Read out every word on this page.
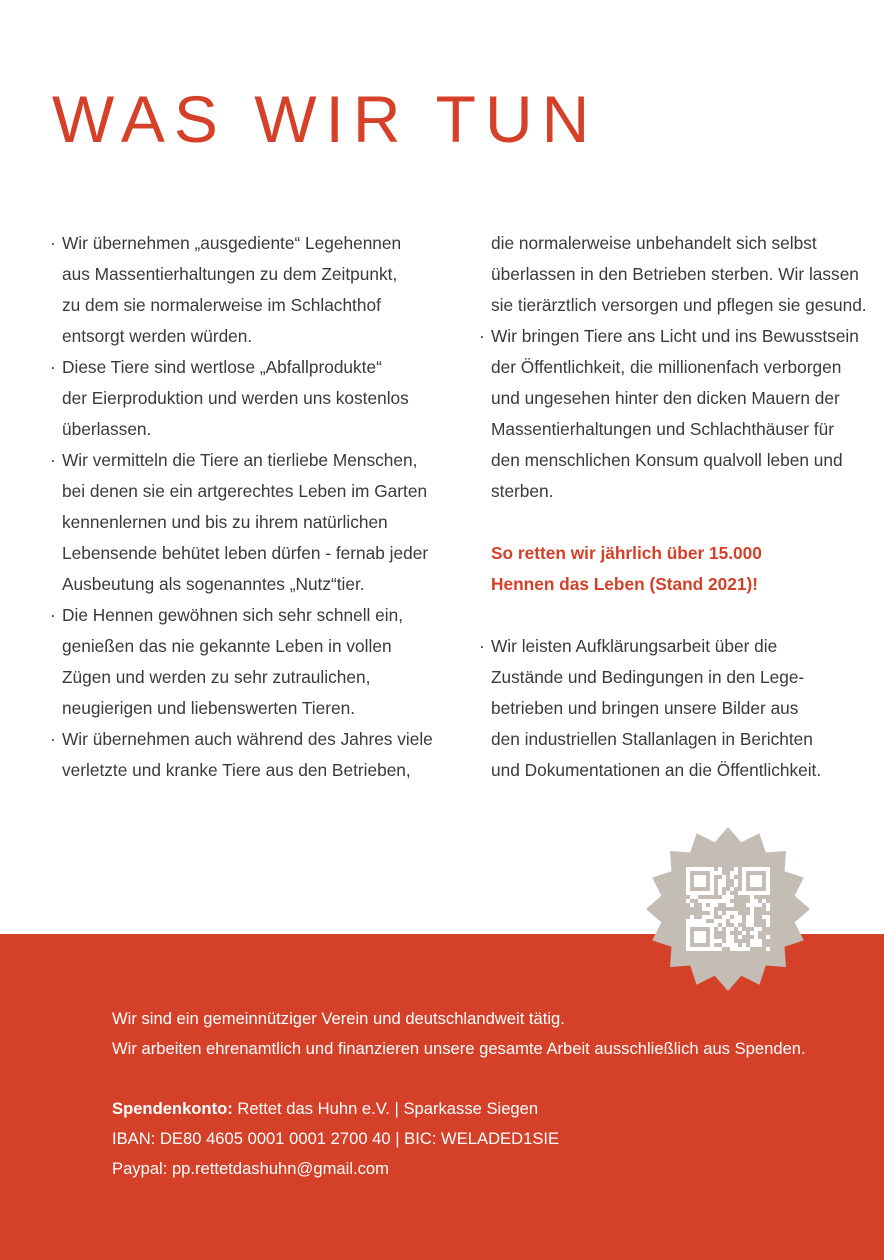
WAS WIR TUN
· Wir übernehmen „ausgediente“ Legehennen
aus Massentierhaltungen zu dem Zeitpunkt,
zu dem sie normalerweise im Schlachthof
entsorgt werden würden.
· Diese Tiere sind wertlose „Abfallprodukte“
der Eierproduktion und werden uns kostenlos
überlassen.
· Wir vermitteln die Tiere an tierliebe Menschen,
bei denen sie ein artgerechtes Leben im Garten
kennenlernen und bis zu ihrem natürlichen
Lebensende behütet leben dürfen - fernab jeder
Ausbeutung als sogenanntes „Nutz“tier.
· Die Hennen gewöhnen sich sehr schnell ein,
genießen das nie gekannte Leben in vollen
Zügen und werden zu sehr zutraulichen,
neugierigen und liebenswerten Tieren.
· Wir übernehmen auch während des Jahres viele
verletzte und kranke Tiere aus den Betrieben,
die normalerweise unbehandelt sich selbst
überlassen in den Betrieben sterben. Wir lassen
sie tierärztlich versorgen und pflegen sie gesund.
· Wir bringen Tiere ans Licht und ins Bewusstsein
der Öffentlichkeit, die millionenfach verborgen
und ungesehen hinter den dicken Mauern der
Massentierhaltungen und Schlachthäuser für
den menschlichen Konsum qualvoll leben und
sterben.
So retten wir jährlich über 15.000
Hennen das Leben (Stand 2021)!
· Wir leisten Aufklärungsarbeit über die
Zustände und Bedingungen in den Lege-
betrieben und bringen unsere Bilder aus
den industriellen Stallanlagen in Berichten
und Dokumentationen an die Öffentlichkeit.
Wir sind ein gemeinnütziger Verein und deutschlandweit tätig.
Wir arbeiten ehrenamtlich und finanzieren unsere gesamte Arbeit ausschließlich aus Spenden.
Spendenkonto: Rettet das Huhn e.V. | Sparkasse Siegen
IBAN: DE80 4605 0001 0001 2700 40 | BIC: WELADED1SIE
Paypal: pp.rettetdashuhn@gmail.com
